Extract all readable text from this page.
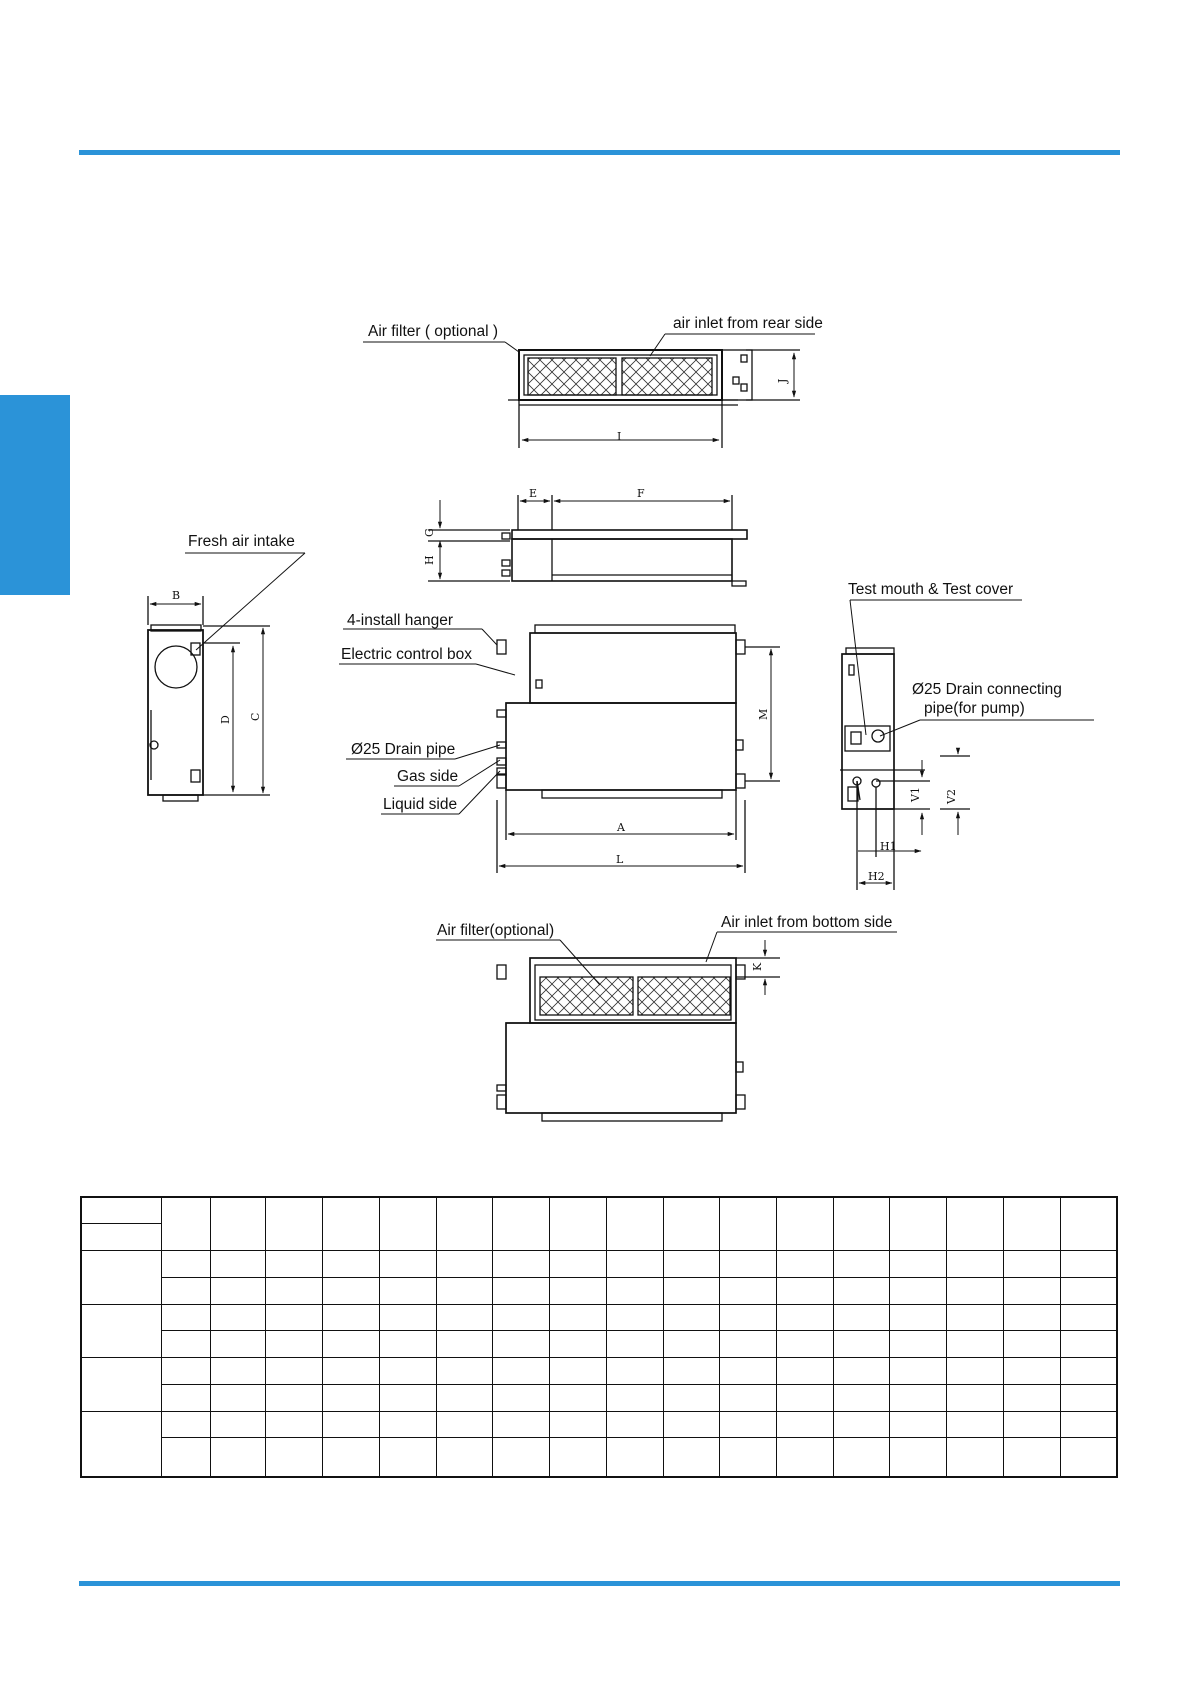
Air filter ( optional )	air inlet from rear side
I
J
E	F
G
H
Fresh air intake
B
D C
4-install hanger
Electric control box
Ø25 Drain pipe
Gas side
Liquid side
A
L
M
Test mouth & Test cover
Ø25 Drain connecting
pipe(for pump)
H1
H2
V1 V2
Air filter(optional)	Air inlet from bottom side
K
